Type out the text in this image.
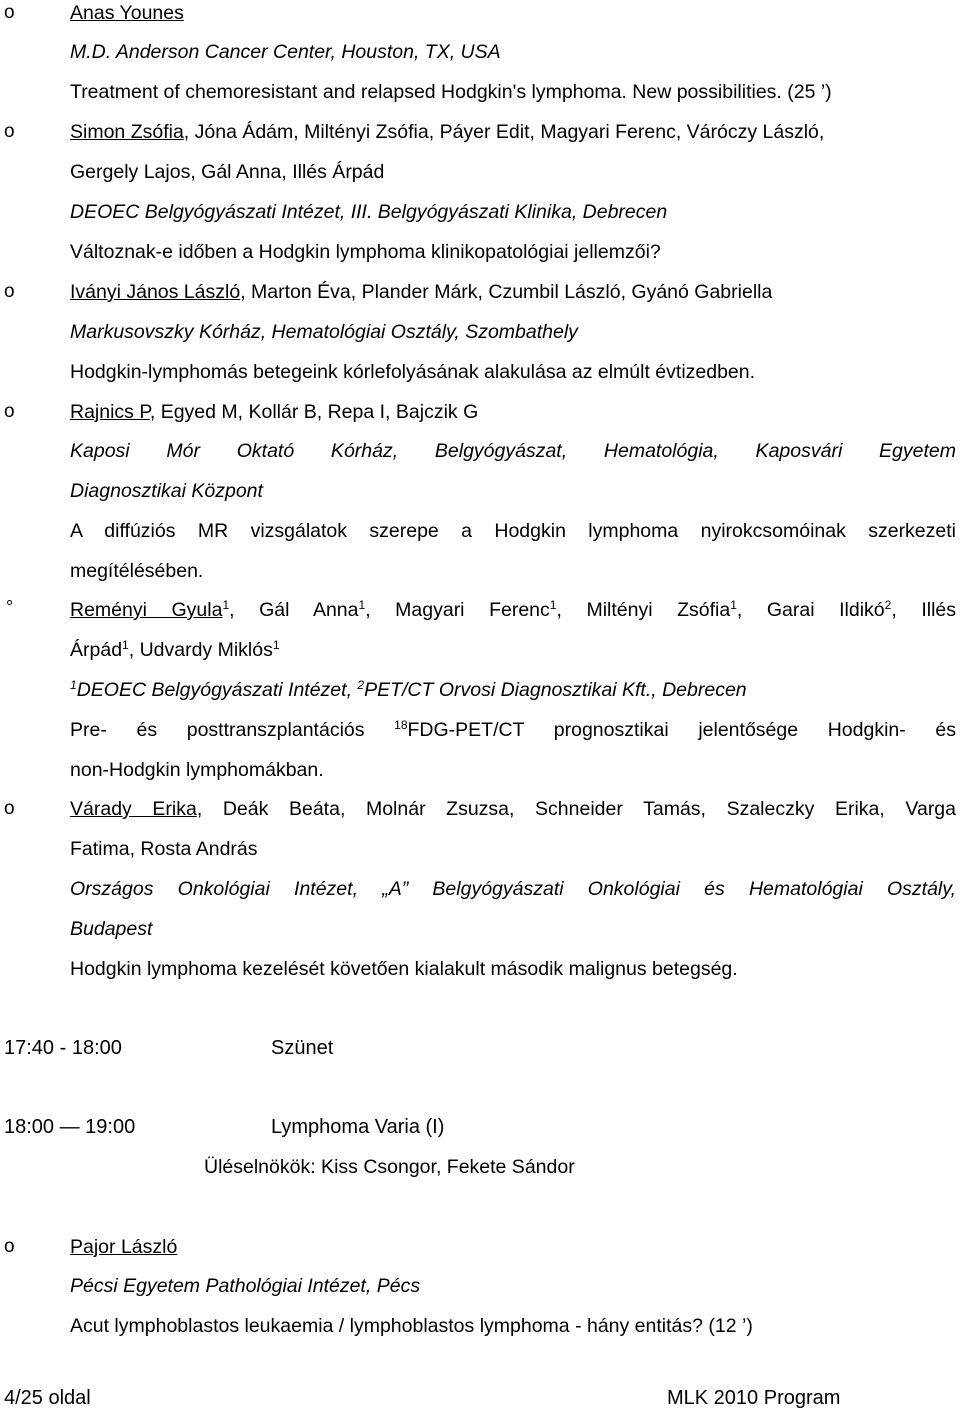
o	Anas Younes
M.D. Anderson Cancer Center, Houston, TX, USA
Treatment of chemoresistant and relapsed Hodgkin's lymphoma. New possibilities. (25 ’)
o	Simon Zsófia, Jóna Ádám, Miltényi Zsófia, Páyer Edit, Magyari Ferenc, Váróczy László,
Gergely Lajos, Gál Anna, Illés Árpád
DEOEC Belgyógyászati Intézet, III. Belgyógyászati Klinika, Debrecen
Változnak-e időben a Hodgkin lymphoma klinikopatológiai jellemzői?
o	Iványi János László, Marton Éva, Plander Márk, Czumbil László, Gyánó Gabriella
Markusovszky Kórház, Hematológiai Osztály, Szombathely
Hodgkin-lymphomás betegeink kórlefolyásának alakulása az elmúlt évtizedben.
o	Rajnics P, Egyed M, Kollár B, Repa I, Bajczik G
Kaposi Mór Oktató Kórház, Belgyógyászat, Hematológia, Kaposvári Egyetem
Diagnosztikai Központ
A diffúziós MR vizsgálatok szerepe a Hodgkin lymphoma nyirokcsomóinak szerkezeti
megítélésében.
°	Reményi Gyula$^1$, Gál Anna$^1$, Magyari Ferenc$^1$, Miltényi Zsófia$^1$, Garai Ildikó$^2$, Illés
Árpád$^1$, Udvardy Miklós$^1$
$^1$DEOEC Belgyógyászati Intézet, $^2$PET/CT Orvosi Diagnosztikai Kft., Debrecen
Pre- és posttranszplantációs $^{18}$FDG-PET/CT prognosztikai jelentősége Hodgkin- és
non-Hodgkin lymphomákban.
o	Várady Erika, Deák Beáta, Molnár Zsuzsa, Schneider Tamás, Szaleczky Erika, Varga
Fatima, Rosta András
Országos Onkológiai Intézet, „A” Belgyógyászati Onkológiai és Hematológiai Osztály,
Budapest
Hodgkin lymphoma kezelését követően kialakult második malignus betegség.
17:40 - 18:00	Szünet
18:00 — 19:00	Lymphoma Varia (I)
Üléselnökök: Kiss Csongor, Fekete Sándor
o	Pajor László
Pécsi Egyetem Pathológiai Intézet, Pécs
Acut lymphoblastos leukaemia / lymphoblastos lymphoma - hány entitás? (12 ’)
4/25 oldal	MLK 2010 Program
